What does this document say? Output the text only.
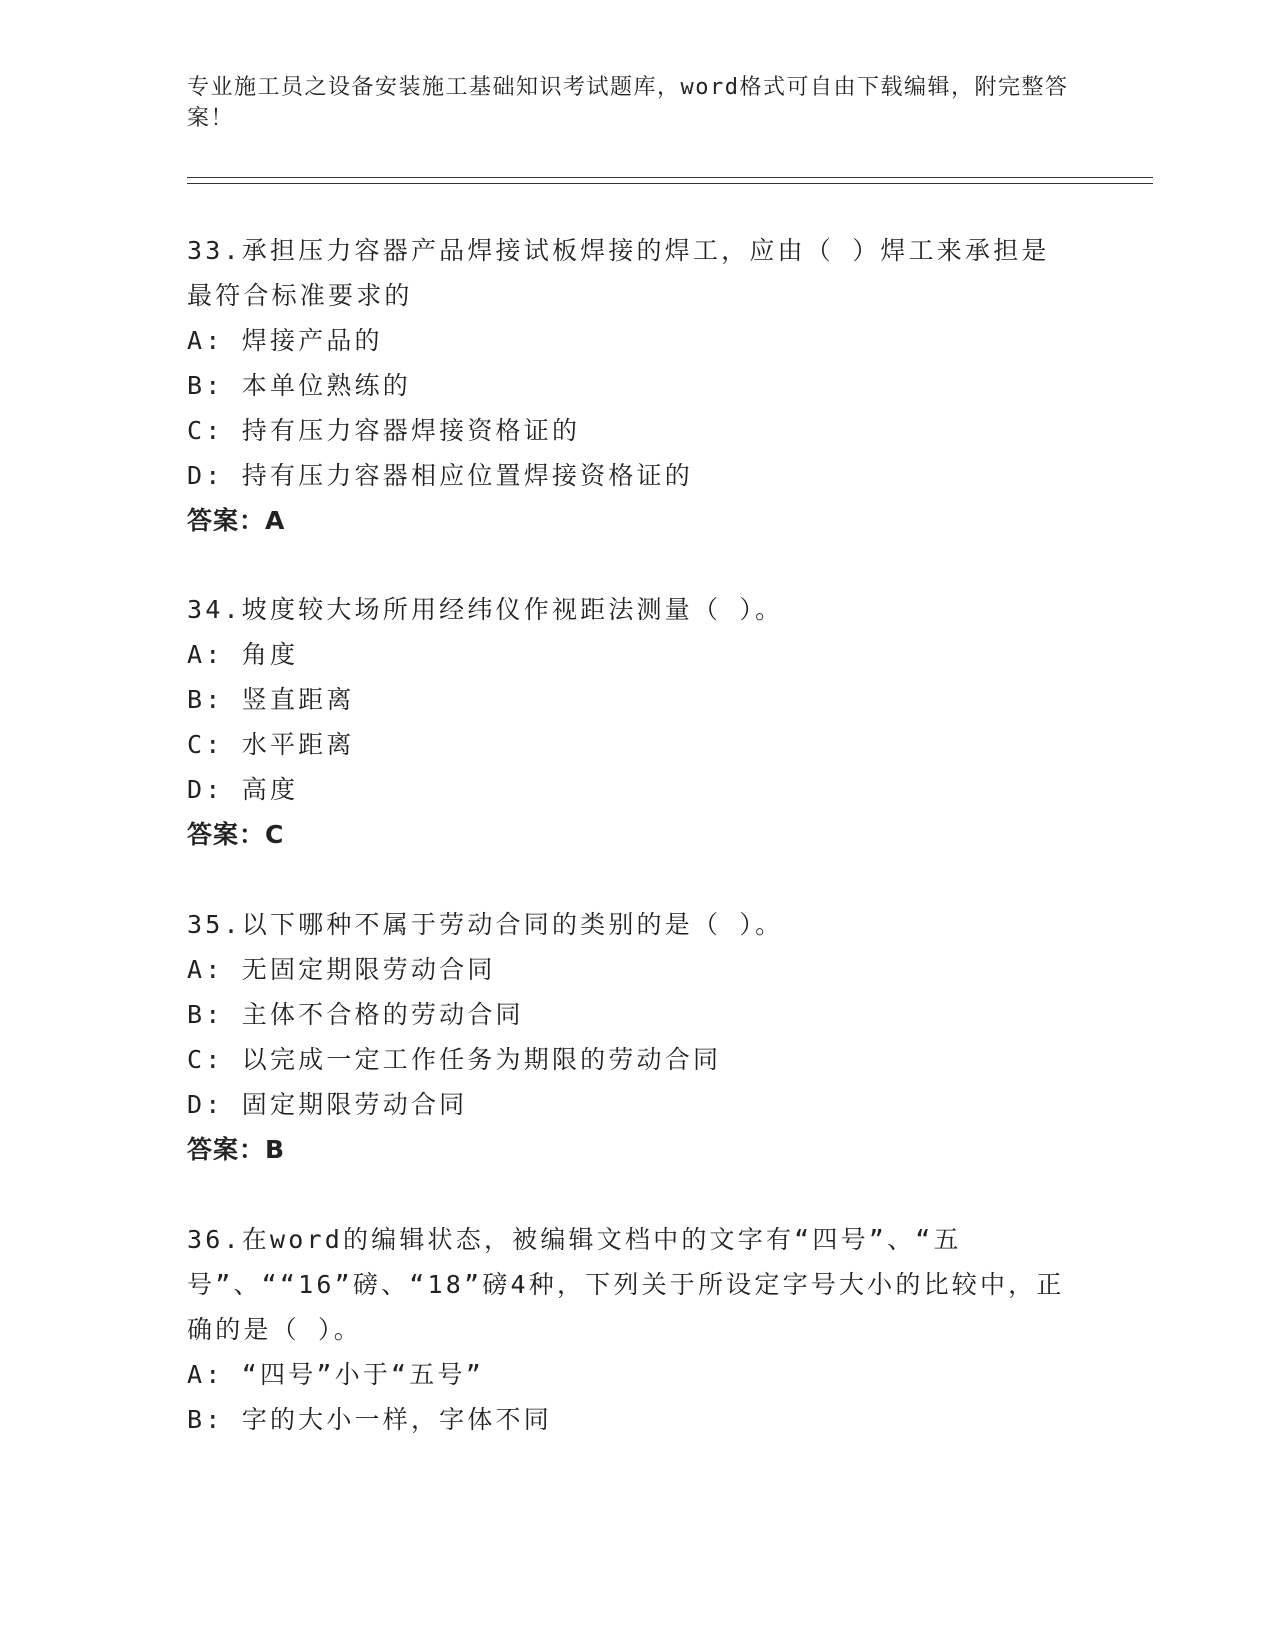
专业施工员之设备安装施工基础知识考试题库，word格式可自由下载编辑，附完整答案！
33.承担压力容器产品焊接试板焊接的焊工，应由（ ）焊工来承担是最符合标准要求的
A: 焊接产品的
B: 本单位熟练的
C: 持有压力容器焊接资格证的
D: 持有压力容器相应位置焊接资格证的
答案：A
34.坡度较大场所用经纬仪作视距法测量（ ）。
A: 角度
B: 竖直距离
C: 水平距离
D: 高度
答案：C
35.以下哪种不属于劳动合同的类别的是（ ）。
A: 无固定期限劳动合同
B: 主体不合格的劳动合同
C: 以完成一定工作任务为期限的劳动合同
D: 固定期限劳动合同
答案：B
36.在word的编辑状态，被编辑文档中的文字有“四号”、“五号”、““16”磅、“18”磅4种，下列关于所设定字号大小的比较中，正确的是（ ）。
A: “四号”小于“五号”
B: 字的大小一样，字体不同
